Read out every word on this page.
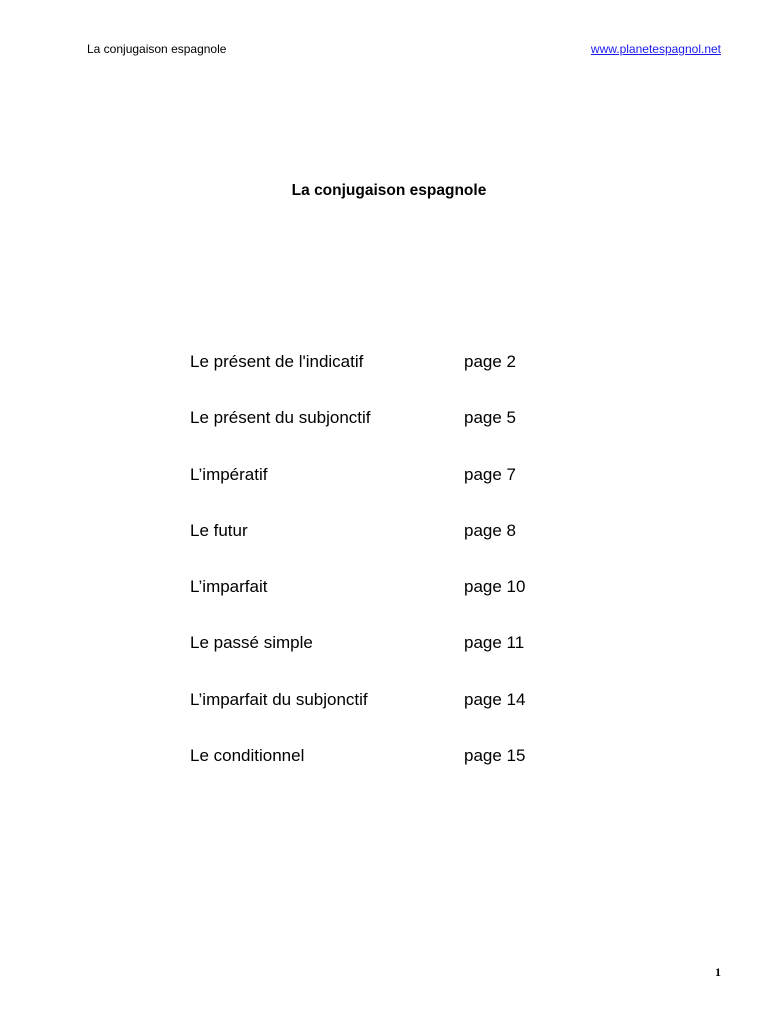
La conjugaison espagnole	www.planetespagnol.net
La conjugaison espagnole
Le présent de l'indicatif	page 2
Le présent du subjonctif	page 5
L’impératif	page 7
Le futur	page 8
L’imparfait	page 10
Le passé simple	page 11
L’imparfait du subjonctif	page 14
Le conditionnel	page 15
1
